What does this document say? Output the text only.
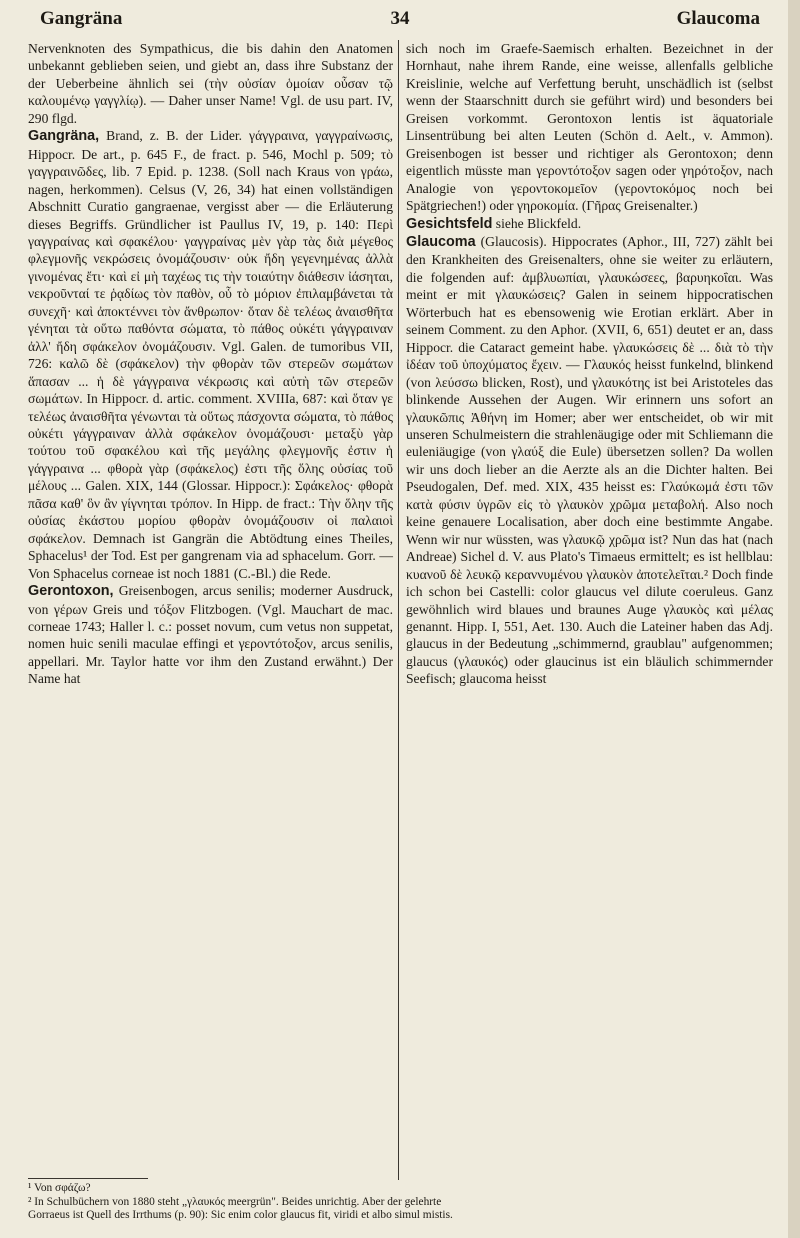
Gangräna	34	Glaucoma

Nervenknoten des Sympathicus, die bis dahin den Anatomen unbekannt geblieben seien, und giebt an, dass ihre Substanz der der Ueberbeine ähnlich sei (τὴν οὐσίαν ὁμοίαν οὖσαν τῷ καλουμένῳ γαγγλίῳ). — Daher unser Name! Vgl. de usu part. IV, 290 flgd.

Gangräna, Brand, z. B. der Lider. γάγγραινα, γαγγραίνωσις, Hippocr. De art., p. 645 F., de fract. p. 546, Mochl p. 509; τὸ γαγγραινῶδες, lib. 7 Epid. p. 1238. (Soll nach Kraus von γράω, nagen, herkommen). Celsus (V, 26, 34) hat einen vollständigen Abschnitt Curatio gangraenae, vergisst aber — die Erläuterung dieses Begriffs. Gründlicher ist Paullus IV, 19, p. 140: Περὶ γαγγραίνας καὶ σφακέλου· γαγγραίνας μὲν γὰρ τὰς διὰ μέγεθος φλεγμονῆς νεκρώσεις ὀνομάζουσιν· οὐκ ἤδη γεγενημένας ἀλλὰ γινομένας ἔτι· καὶ εἰ μὴ ταχέως τις τὴν τοιαύτην διάθεσιν ἰάσηται, νεκροῦνταί τε ῥᾳδίως τὸν παθὸν, οὗ τὸ μόριον ἐπιλαμβάνεται τὰ συνεχῆ· καὶ ἀποκτέννει τὸν ἄνθρωπον· ὅταν δὲ τελέως ἀναισθῆτα γένηται τὰ οὕτω παθόντα σώματα, τὸ πάθος οὐκέτι γάγγραιναν ἀλλ' ἤδη σφάκελον ὀνομάζουσιν. Vgl. Galen. de tumoribus VII, 726: καλῶ δὲ (σφάκελον) τὴν φθορὰν τῶν στερεῶν σωμάτων ἅπασαν ... ἡ δὲ γάγγραινα νέκρωσις καὶ αὐτὴ τῶν στερεῶν σωμάτων. In Hippocr. d. artic. comment. XVIIIa, 687: καὶ ὅταν γε τελέως ἀναισθῆτα γένωνται τὰ οὕτως πάσχοντα σώματα, τὸ πάθος οὐκέτι γάγγραιναν ἀλλὰ σφάκελον ὀνομάζουσι· μεταξὺ γὰρ τούτου τοῦ σφακέλου καὶ τῆς μεγάλης φλεγμονῆς ἐστιν ἡ γάγγραινα ... φθορὰ γὰρ (σφάκελος) ἐστι τῆς ὅλης οὐσίας τοῦ μέλους ... Galen. XIX, 144 (Glossar. Hippocr.): Σφάκελος· φθορὰ πᾶσα καθ' ὃν ἂν γίγνηται τρόπον. In Hipp. de fract.: Τὴν ὅλην τῆς οὐσίας ἑκάστου μορίου φθορὰν ὀνομάζουσιν οἱ παλαιοὶ σφάκελον. Demnach ist Gangrän die Abtödtung eines Theiles, Sphacelus¹ der Tod. Est per gangrenam via ad sphacelum. Gorr. — Von Sphacelus corneae ist noch 1881 (C.-Bl.) die Rede.

Gerontoxon, Greisenbogen, arcus senilis; moderner Ausdruck, von γέρων Greis und τόξον Flitzbogen. (Vgl. Mauchart de mac. corneae 1743; Haller l. c.: posset novum, cum vetus non suppetat, nomen huic senili maculae effingi et γεροντότοξον, arcus senilis, appellari. Mr. Taylor hatte vor ihm den Zustand erwähnt.) Der Name hat

sich noch im Graefe-Saemisch erhalten. Bezeichnet in der Hornhaut, nahe ihrem Rande, eine weisse, allenfalls gelbliche Kreislinie, welche auf Verfettung beruht, unschädlich ist (selbst wenn der Staarschnitt durch sie geführt wird) und besonders bei Greisen vorkommt. Gerontoxon lentis ist äquatoriale Linsentrübung bei alten Leuten (Schön d. Aelt., v. Ammon). Greisenbogen ist besser und richtiger als Gerontoxon; denn eigentlich müsste man γεροντότοξον sagen oder γηρότοξον, nach Analogie von γεροντοκομεῖον (γεροντοκόμος noch bei Spätgriechen!) oder γηροκομία. (Γῆρας Greisenalter.)

Gesichtsfeld siehe Blickfeld.

Glaucoma (Glaucosis). Hippocrates (Aphor., III, 727) zählt bei den Krankheiten des Greisenalters, ohne sie weiter zu erläutern, die folgenden auf: ἀμβλυωπίαι, γλαυκώσεες, βαρυηκοΐαι. Was meint er mit γλαυκώσεις? Galen in seinem hippocratischen Wörterbuch hat es ebensowenig wie Erotian erklärt. Aber in seinem Comment. zu den Aphor. (XVII, 6, 651) deutet er an, dass Hippocr. die Cataract gemeint habe. γλαυκώσεις δὲ ... διὰ τὸ τὴν ἰδέαν τοῦ ὑποχύματος ἔχειν. — Γλαυκός heisst funkelnd, blinkend (von λεύσσω blicken, Rost), und γλαυκότης ist bei Aristoteles das blinkende Aussehen der Augen. Wir erinnern uns sofort an γλαυκῶπις Ἀθήνη im Homer; aber wer entscheidet, ob wir mit unseren Schulmeistern die strahlenäugige oder mit Schliemann die euleniäugige (von γλαύξ die Eule) übersetzen sollen? Da wollen wir uns doch lieber an die Aerzte als an die Dichter halten. Bei Pseudogalen, Def. med. XIX, 435 heisst es: Γλαύκωμά ἐστι τῶν κατὰ φύσιν ὑγρῶν εἰς τὸ γλαυκὸν χρῶμα μεταβολή. Also noch keine genauere Localisation, aber doch eine bestimmte Angabe. Wenn wir nur wüssten, was γλαυκῷ χρῶμα ist? Nun das hat (nach Andreae) Sichel d. V. aus Plato's Timaeus ermittelt; es ist hellblau: κυανοῦ δὲ λευκῷ κεραννυμένου γλαυκὸν ἀποτελεῖται.² Doch finde ich schon bei Castelli: color glaucus vel dilute coeruleus. Ganz gewöhnlich wird blaues und braunes Auge γλαυκὸς καὶ μέλας genannt. Hipp. I, 551, Aet. 130. Auch die Lateiner haben das Adj. glaucus in der Bedeutung „schimmernd, graublau" aufgenommen; glaucus (γλαυκός) oder glaucinus ist ein bläulich schimmernder Seefisch; glaucoma heisst

¹ Von σφάζω?
² In Schulbüchern von 1880 steht „γλαυκός meergrün". Beides unrichtig. Aber der gelehrte
Gorraeus ist Quell des Irrthums (p. 90): Sic enim color glaucus fit, viridi et albo simul mistis.
